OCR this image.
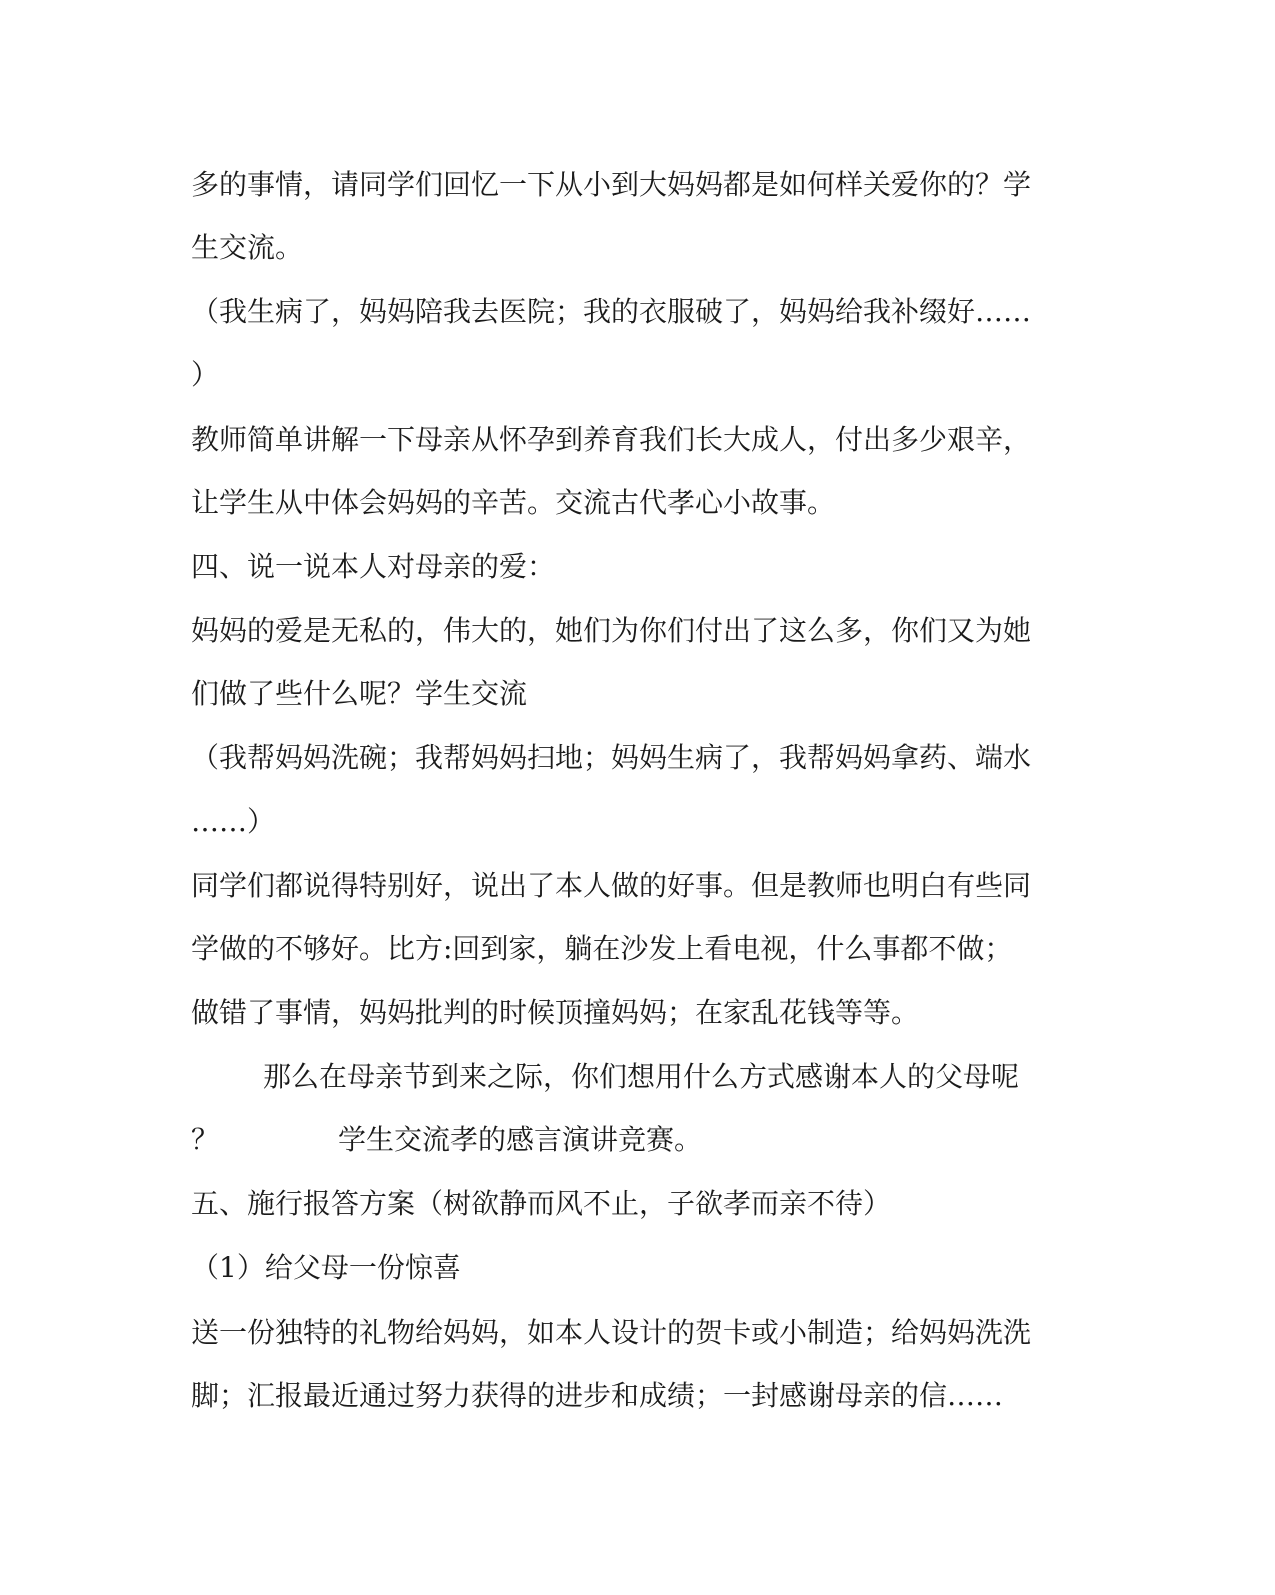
多的事情，请同学们回忆一下从小到大妈妈都是如何样关爱你的？学
生交流。
（我生病了，妈妈陪我去医院；我的衣服破了，妈妈给我补缀好……
）
教师简单讲解一下母亲从怀孕到养育我们长大成人，付出多少艰辛，
让学生从中体会妈妈的辛苦。交流古代孝心小故事。
四、说一说本人对母亲的爱：
妈妈的爱是无私的，伟大的，她们为你们付出了这么多，你们又为她
们做了些什么呢？学生交流
（我帮妈妈洗碗；我帮妈妈扫地；妈妈生病了，我帮妈妈拿药、端水
……）
同学们都说得特别好，说出了本人做的好事。但是教师也明白有些同
学做的不够好。比方:回到家，躺在沙发上看电视，什么事都不做；
做错了事情，妈妈批判的时候顶撞妈妈；在家乱花钱等等。
那么在母亲节到来之际，你们想用什么方式感谢本人的父母呢
？	学生交流孝的感言演讲竞赛。
五、施行报答方案（树欲静而风不止，子欲孝而亲不待）
（1）给父母一份惊喜
送一份独特的礼物给妈妈，如本人设计的贺卡或小制造；给妈妈洗洗
脚；汇报最近通过努力获得的进步和成绩；一封感谢母亲的信……
